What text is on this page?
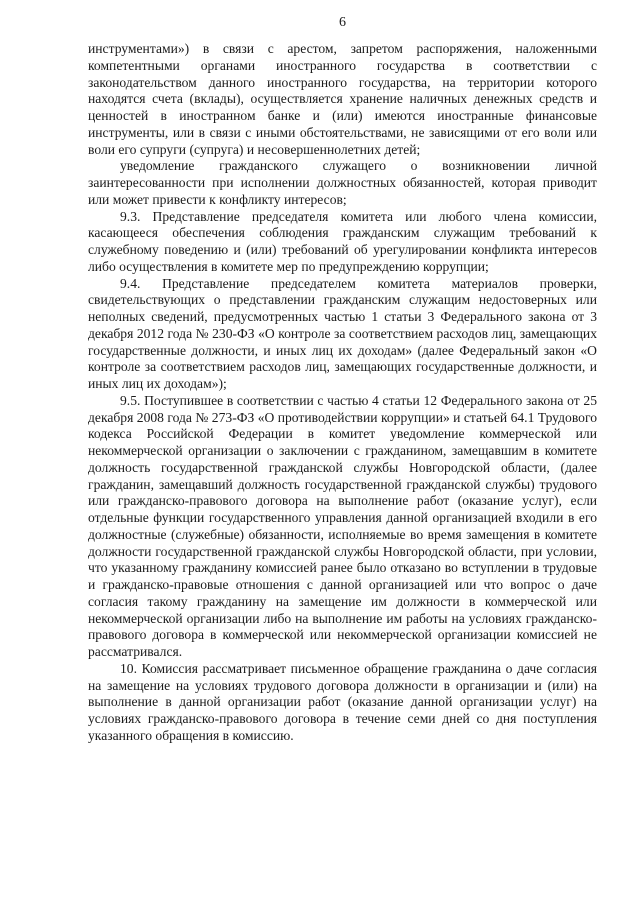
6

инструментами») в связи с арестом, запретом распоряжения, наложенными компетентными органами иностранного государства в соответствии с законодательством данного иностранного государства, на территории которого находятся счета (вклады), осуществляется хранение наличных денежных средств и ценностей в иностранном банке и (или) имеются иностранные финансовые инструменты, или в связи с иными обстоятельствами, не зависящими от его воли или воли его супруги (супруга) и несовершеннолетних детей;

уведомление гражданского служащего о возникновении личной заинтересованности при исполнении должностных обязанностей, которая приводит или может привести к конфликту интересов;

9.3. Представление председателя комитета или любого члена комиссии, касающееся обеспечения соблюдения гражданским служащим требований к служебному поведению и (или) требований об урегулировании конфликта интересов либо осуществления в комитете мер по предупреждению коррупции;

9.4. Представление председателем комитета материалов проверки, свидетельствующих о представлении гражданским служащим недостоверных или неполных сведений, предусмотренных частью 1 статьи 3 Федерального закона от 3 декабря 2012 года № 230-ФЗ «О контроле за соответствием расходов лиц, замещающих государственные должности, и иных лиц их доходам» (далее Федеральный закон «О контроле за соответствием расходов лиц, замещающих государственные должности, и иных лиц их доходам»);

9.5. Поступившее в соответствии с частью 4 статьи 12 Федерального закона от 25 декабря 2008 года № 273-ФЗ «О противодействии коррупции» и статьей 64.1 Трудового кодекса Российской Федерации в комитет уведомление коммерческой или некоммерческой организации о заключении с гражданином, замещавшим в комитете должность государственной гражданской службы Новгородской области, (далее гражданин, замещавший должность государственной гражданской службы) трудового или гражданско-правового договора на выполнение работ (оказание услуг), если отдельные функции государственного управления данной организацией входили в его должностные (служебные) обязанности, исполняемые во время замещения в комитете должности государственной гражданской службы Новгородской области, при условии, что указанному гражданину комиссией ранее было отказано во вступлении в трудовые и гражданско-правовые отношения с данной организацией или что вопрос о даче согласия такому гражданину на замещение им должности в коммерческой или некоммерческой организации либо на выполнение им работы на условиях гражданско-правового договора в коммерческой или некоммерческой организации комиссией не рассматривался.

10. Комиссия рассматривает письменное обращение гражданина о даче согласия на замещение на условиях трудового договора должности в организации и (или) на выполнение в данной организации работ (оказание данной организации услуг) на условиях гражданско-правового договора в течение семи дней со дня поступления указанного обращения в комиссию.
